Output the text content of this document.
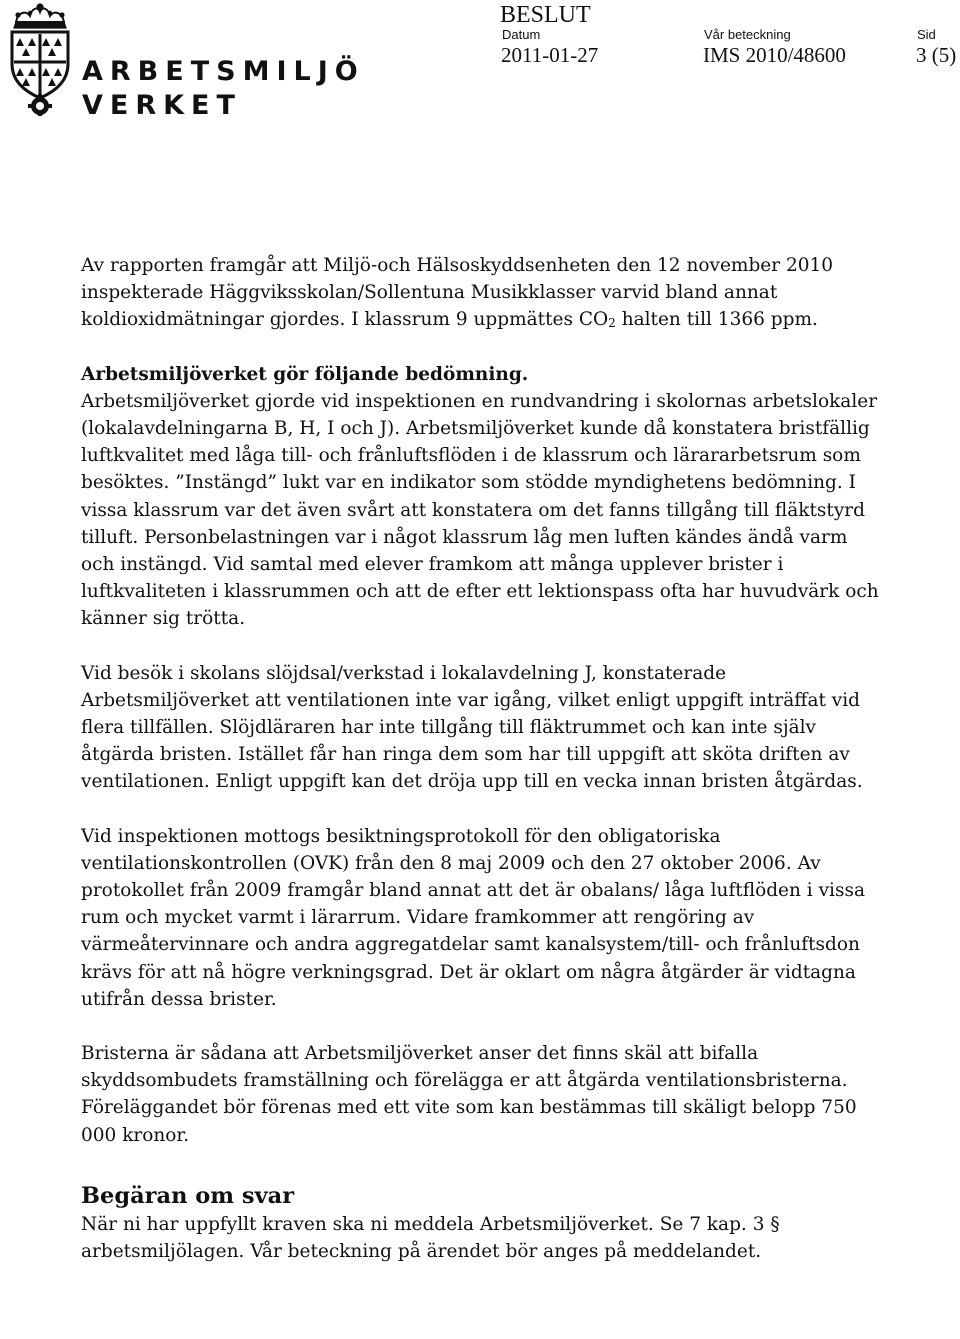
ARBETSMILJÖ
VERKET
BESLUT
Datum
2011-01-27
Vår beteckning
IMS 2010/48600
Sid
3 (5)

Av rapporten framgår att Miljö-och Hälsoskyddsenheten den 12 november 2010 inspekterade Häggviksskolan/Sollentuna Musikklasser varvid bland annat koldioxidmätningar gjordes. I klassrum 9 uppmättes $CO_2$ halten till 1366 ppm.

Arbetsmiljöverket gör följande bedömning.
Arbetsmiljöverket gjorde vid inspektionen en rundvandring i skolornas arbetslokaler (lokalavdelningarna B, H, I och J). Arbetsmiljöverket kunde då konstatera bristfällig luftkvalitet med låga till- och frånluftsflöden i de klassrum och lärararbetsrum som besöktes. ”Instängd” lukt var en indikator som stödde myndighetens bedömning. I vissa klassrum var det även svårt att konstatera om det fanns tillgång till fläktstyrd tilluft. Personbelastningen var i något klassrum låg men luften kändes ändå varm och instängd. Vid samtal med elever framkom att många upplever brister i luftkvaliteten i klassrummen och att de efter ett lektionspass ofta har huvudvärk och känner sig trötta.

Vid besök i skolans slöjdsal/verkstad i lokalavdelning J, konstaterade Arbetsmiljöverket att ventilationen inte var igång, vilket enligt uppgift inträffat vid flera tillfällen. Slöjdläraren har inte tillgång till fläktrummet och kan inte själv åtgärda bristen. Istället får han ringa dem som har till uppgift att sköta driften av ventilationen. Enligt uppgift kan det dröja upp till en vecka innan bristen åtgärdas.

Vid inspektionen mottogs besiktningsprotokoll för den obligatoriska ventilationskontrollen (OVK) från den 8 maj 2009 och den 27 oktober 2006. Av protokollet från 2009 framgår bland annat att det är obalans/ låga luftflöden i vissa rum och mycket varmt i lärarrum. Vidare framkommer att rengöring av värmeåtervinnare och andra aggregatdelar samt kanalsystem/till- och frånluftsdon krävs för att nå högre verkningsgrad. Det är oklart om några åtgärder är vidtagna utifrån dessa brister.

Bristerna är sådana att Arbetsmiljöverket anser det finns skäl att bifalla skyddsombudets framställning och förelägga er att åtgärda ventilationsbristerna. Föreläggandet bör förenas med ett vite som kan bestämmas till skäligt belopp 750 000 kronor.

Begäran om svar

När ni har uppfyllt kraven ska ni meddela Arbetsmiljöverket. Se 7 kap. 3 § arbetsmiljölagen. Vår beteckning på ärendet bör anges på meddelandet.
